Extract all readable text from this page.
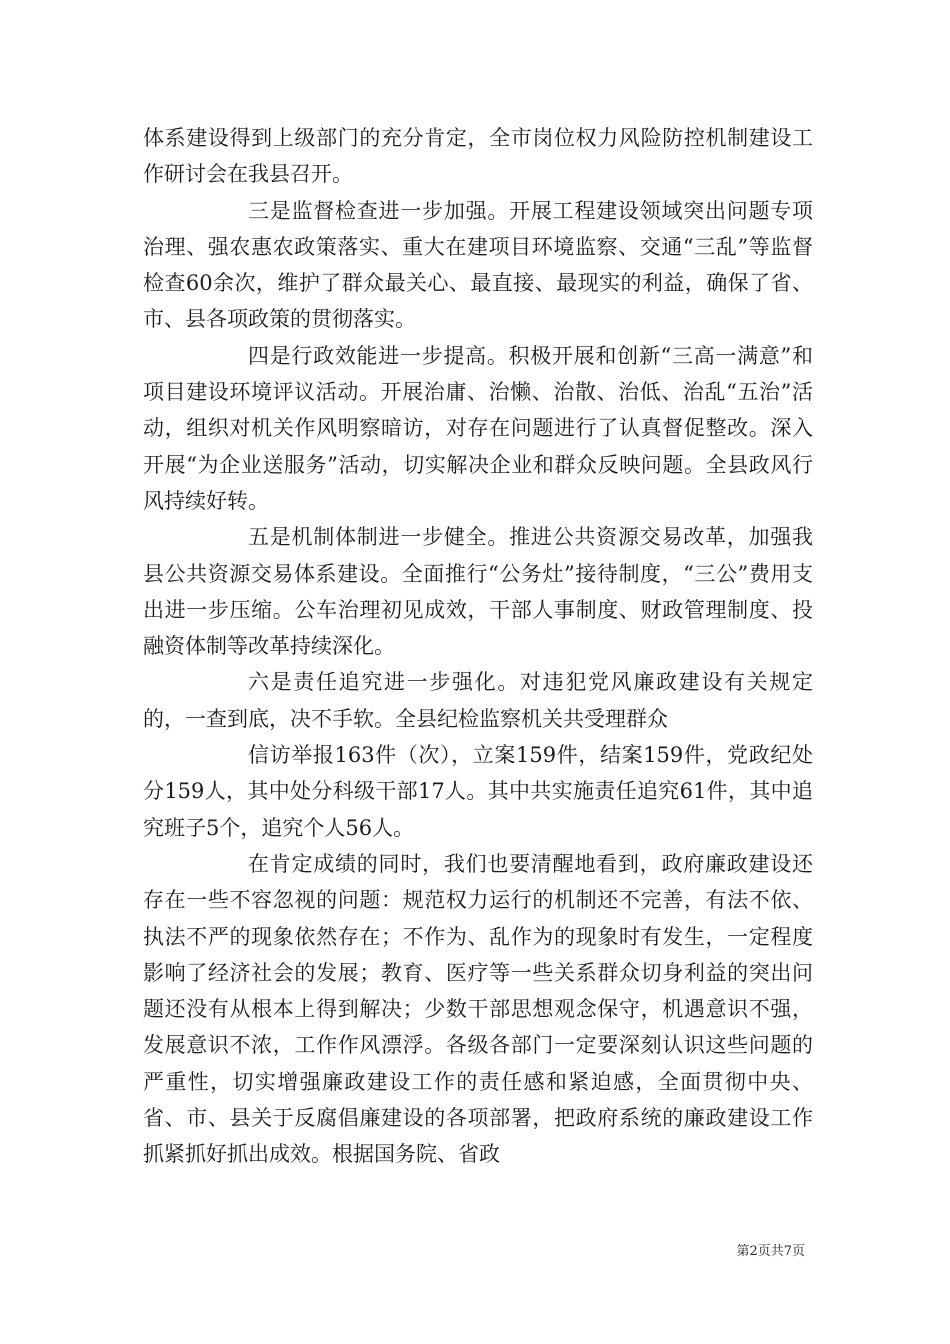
体系建设得到上级部门的充分肯定，全市岗位权力风险防控机制建设工作研讨会在我县召开。

三是监督检查进一步加强。开展工程建设领域突出问题专项治理、强农惠农政策落实、重大在建项目环境监察、交通“三乱”等监督检查60余次，维护了群众最关心、最直接、最现实的利益，确保了省、市、县各项政策的贯彻落实。

四是行政效能进一步提高。积极开展和创新“三高一满意”和项目建设环境评议活动。开展治庸、治懒、治散、治低、治乱“五治”活动，组织对机关作风明察暗访，对存在问题进行了认真督促整改。深入开展“为企业送服务”活动，切实解决企业和群众反映问题。全县政风行风持续好转。

五是机制体制进一步健全。推进公共资源交易改革，加强我县公共资源交易体系建设。全面推行“公务灶”接待制度，“三公”费用支出进一步压缩。公车治理初见成效，干部人事制度、财政管理制度、投融资体制等改革持续深化。

六是责任追究进一步强化。对违犯党风廉政建设有关规定的，一查到底，决不手软。全县纪检监察机关共受理群众

信访举报163件（次），立案159件，结案159件，党政纪处分159人，其中处分科级干部17人。其中共实施责任追究61件，其中追究班子5个，追究个人56人。

在肯定成绩的同时，我们也要清醒地看到，政府廉政建设还存在一些不容忽视的问题：规范权力运行的机制还不完善，有法不依、执法不严的现象依然存在；不作为、乱作为的现象时有发生，一定程度影响了经济社会的发展；教育、医疗等一些关系群众切身利益的突出问题还没有从根本上得到解决；少数干部思想观念保守，机遇意识不强，发展意识不浓，工作作风漂浮。各级各部门一定要深刻认识这些问题的严重性，切实增强廉政建设工作的责任感和紧迫感，全面贯彻中央、省、市、县关于反腐倡廉建设的各项部署，把政府系统的廉政建设工作抓紧抓好抓出成效。根据国务院、省政

第2页共7页
